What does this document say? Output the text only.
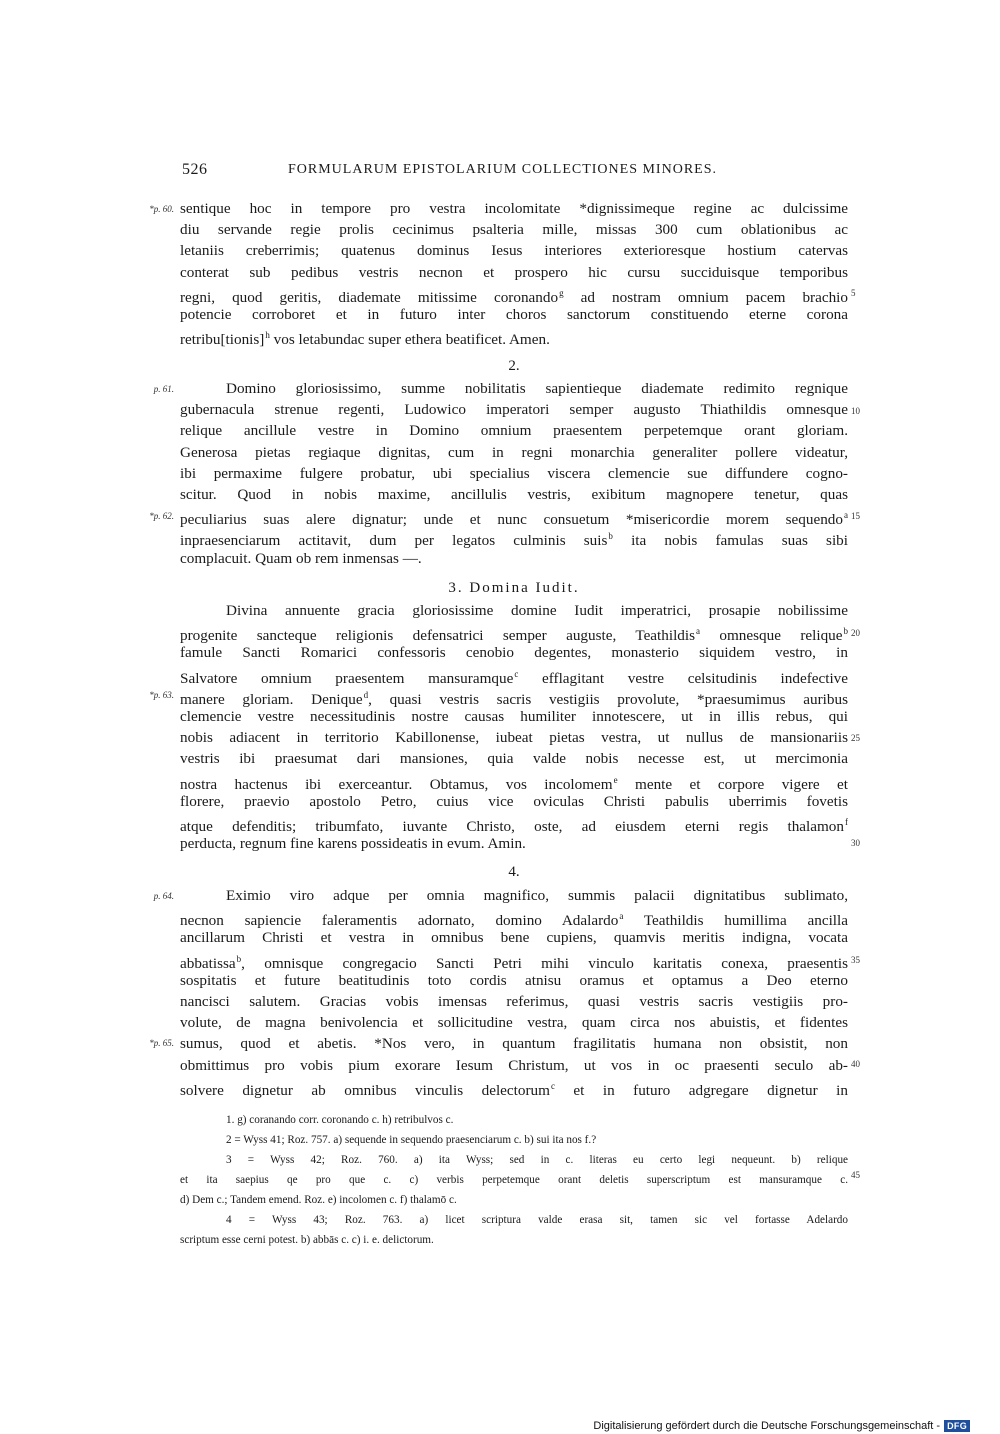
526	FORMULARUM EPISTOLARIUM COLLECTIONES MINORES.
sentique hoc in tempore pro vestra incolomitate *dignissimeque regine ac dulcissime
diu servande regie prolis cecinimus psalteria mille, missas 300 cum oblationibus ac
letaniis creberrimis; quatenus dominus Iesus interiores exterioresque hostium catervas
conterat sub pedibus vestris necnon et prospero hic cursu succiduisque temporibus
regni, quod geritis, diademate mitissime coronando$^g$ ad nostram omnium pacem brachio
potencie corroboret et in futuro inter choros sanctorum constituendo eterne corona
retribu[tionis]$^h$ vos letabundac super ethera beatificet. Amen.
2.
Domino gloriosissimo, summe nobilitatis sapientieque diademate redimito regnique
gubernacula strenue regenti, Ludowico imperatori semper augusto Thiathildis omnesque
relique ancillule vestre in Domino omnium praesentem perpetemque orant gloriam.
Generosa pietas regiaque dignitas, cum in regni monarchia generaliter pollere videatur,
ibi permaxime fulgere probatur, ubi specialius viscera clemencie sue diffundere cogno-
scitur. Quod in nobis maxime, ancillulis vestris, exibitum magnopere tenetur, quas
peculiarius suas alere dignatur; unde et nunc consuetum *misericordie morem sequendo$^a$
inpraesenciarum actitavit, dum per legatos culminis suis$^b$ ita nobis famulas suas sibi
complacuit. Quam ob rem inmensas —.
3. Domina Iudit.
Divina annuente gracia gloriosissime domine Iudit imperatrici, prosapie nobilissime
progenite sancteque religionis defensatrici semper auguste, Teathildis$^a$ omnesque relique$^b$
famule Sancti Romarici confessoris cenobio degentes, monasterio siquidem vestro, in
Salvatore omnium praesentem mansuramque$^c$ efflagitant vestre celsitudinis indefective
manere gloriam. Denique$^d$, quasi vestris sacris vestigiis provolute, *praesumimus auribus
clemencie vestre necessitudinis nostre causas humiliter innotescere, ut in illis rebus, qui
nobis adiacent in territorio Kabillonense, iubeat pietas vestra, ut nullus de mansionariis
vestris ibi praesumat dari mansiones, quia valde nobis necesse est, ut mercimonia
nostra hactenus ibi exerceantur. Obtamus, vos incolomem$^e$ mente et corpore vigere et
florere, praevio apostolo Petro, cuius vice oviculas Christi pabulis uberrimis fovetis
atque defenditis; tribumfato, iuvante Christo, oste, ad eiusdem eterni regis thalamon$^f$
perducta, regnum fine karens possideatis in evum. Amin.
4.
Eximio viro adque per omnia magnifico, summis palacii dignitatibus sublimato,
necnon sapiencie faleramentis adornato, domino Adalardo$^a$ Teathildis humillima ancilla
ancillarum Christi et vestra in omnibus bene cupiens, quamvis meritis indigna, vocata
abbatissa$^b$, omnisque congregacio Sancti Petri mihi vinculo karitatis conexa, praesentis
sospitatis et future beatitudinis toto cordis atnisu oramus et optamus a Deo eterno
nancisci salutem. Gracias vobis imensas referimus, quasi vestris sacris vestigiis pro-
volute, de magna benivolencia et sollicitudine vestra, quam circa nos abuistis, et fidentes
sumus, quod et abetis. *Nos vero, in quantum fragilitatis humana non obsistit, non
obmittimus pro vobis pium exorare Iesum Christum, ut vos in oc praesenti seculo ab-
solvere dignetur ab omnibus vinculis delectorum$^c$ et in futuro adgregare dignetur in
*p. 60.
p. 61.
*p. 62.
*p. 63.
p. 64.
*p. 65.
5
10
15
20
25
30
35
40
45
1. g) coranando corr. coronando c. h) retribulvos c.
2 = Wyss 41; Roz. 757. a) sequende in sequendo praesenciarum c. b) sui ita nos f.?
3 = Wyss 42; Roz. 760. a) ita Wyss; sed in c. literas eu certo legi nequeunt. b) relique
et ita saepius qe pro que c. c) verbis perpetemque orant deletis superscriptum est mansuramque c.
d) Dem c.; Tandem emend. Roz. e) incolomen c. f) thalamō c.
4 = Wyss 43; Roz. 763. a) licet scriptura valde erasa sit, tamen sic vel fortasse Adelardo
scriptum esse cerni potest. b) abbās c. c) i. e. delictorum.
Digitalisierung gefördert durch die Deutsche Forschungsgemeinschaft - DFG
